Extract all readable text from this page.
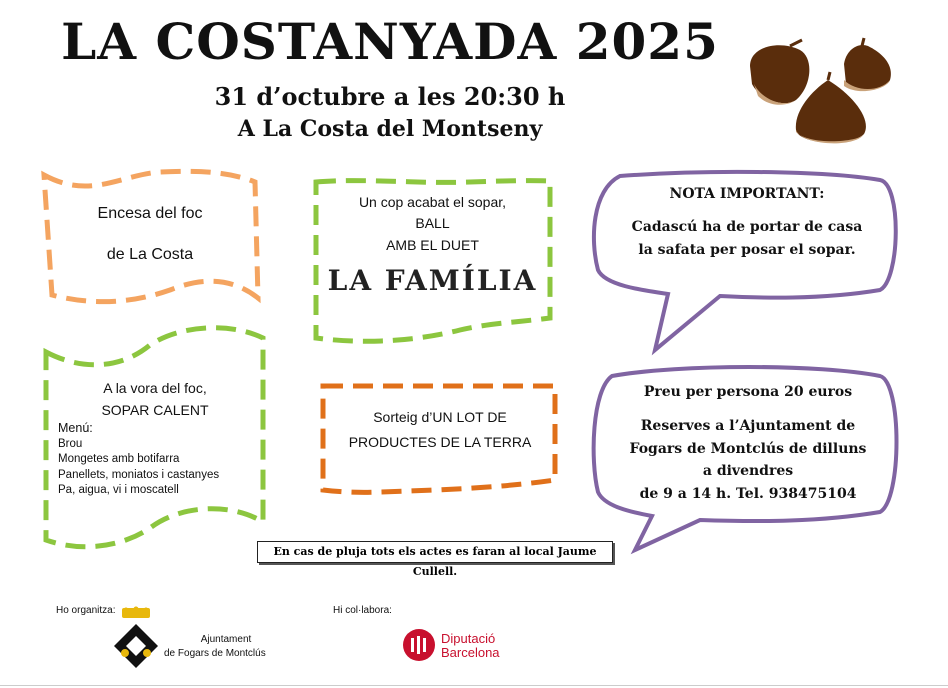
LA COSTANYADA 2025
31 d’octubre a les 20:30 h
A La Costa del Montseny
Encesa del foc
de La Costa
A la vora del foc,
SOPAR CALENT
Menú:
Brou
Mongetes amb botifarra
Panellets, moniatos i castanyes
Pa, aigua, vi i moscatell
Un cop acabat el sopar,
BALL
AMB EL DUET
LA FAMÍLIA
Sorteig d’UN LOT DE
PRODUCTES DE LA TERRA
NOTA IMPORTANT:
Cadascú ha de portar de casa
la safata per posar el sopar.
Preu per persona 20 euros
Reserves a l’Ajuntament de
Fogars de Montclús de dilluns
a divendres
de 9 a 14 h. Tel. 938475104
En cas de pluja tots els actes es faran al local Jaume Cullell.
Ho organitza:
Ajuntament
de Fogars de Montclús
Hi col·labora:
Diputació
Barcelona
